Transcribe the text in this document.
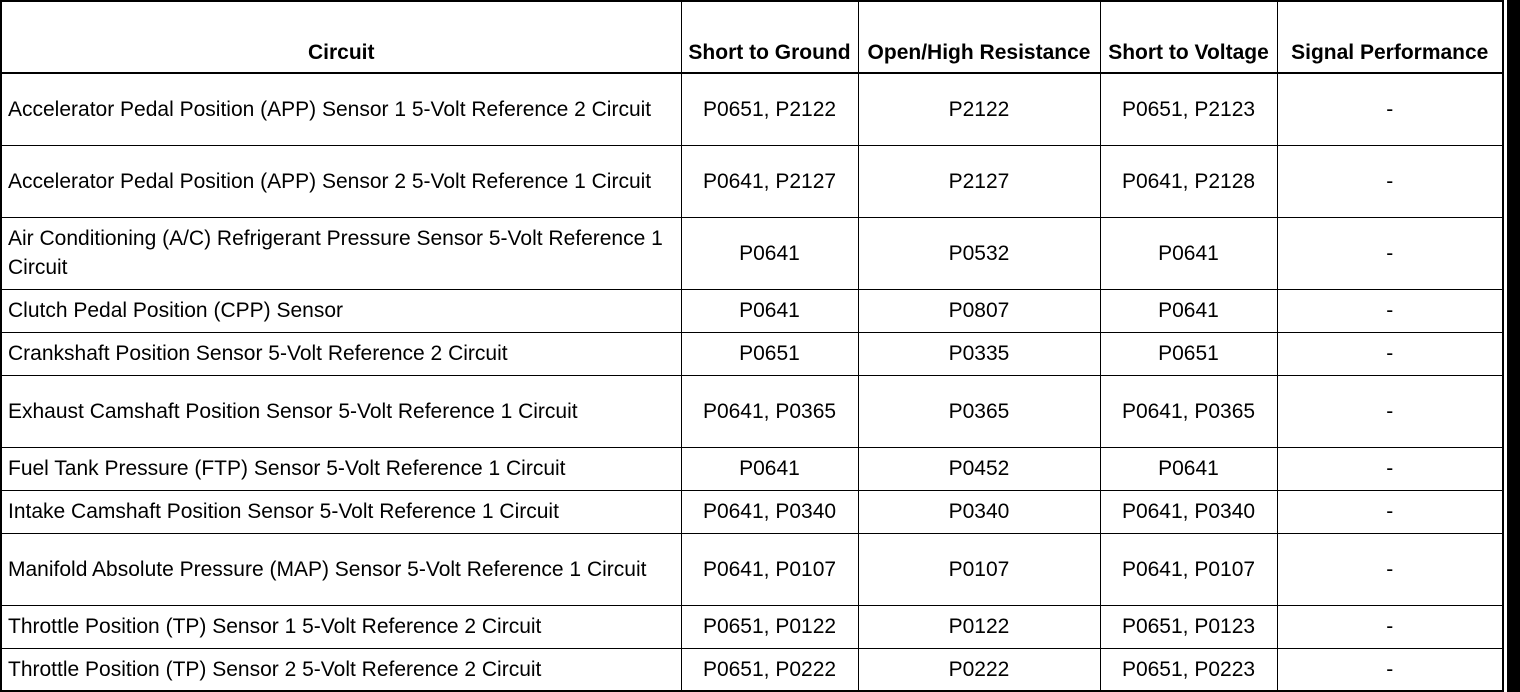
Circuit	Short to Ground	Open/High Resistance	Short to Voltage	Signal Performance
Accelerator Pedal Position (APP) Sensor 1 5-Volt Reference 2 Circuit	P0651, P2122	P2122	P0651, P2123	-
Accelerator Pedal Position (APP) Sensor 2 5-Volt Reference 1 Circuit	P0641, P2127	P2127	P0641, P2128	-
Air Conditioning (A/C) Refrigerant Pressure Sensor 5-Volt Reference 1 Circuit	P0641	P0532	P0641	-
Clutch Pedal Position (CPP) Sensor	P0641	P0807	P0641	-
Crankshaft Position Sensor 5-Volt Reference 2 Circuit	P0651	P0335	P0651	-
Exhaust Camshaft Position Sensor 5-Volt Reference 1 Circuit	P0641, P0365	P0365	P0641, P0365	-
Fuel Tank Pressure (FTP) Sensor 5-Volt Reference 1 Circuit	P0641	P0452	P0641	-
Intake Camshaft Position Sensor 5-Volt Reference 1 Circuit	P0641, P0340	P0340	P0641, P0340	-
Manifold Absolute Pressure (MAP) Sensor 5-Volt Reference 1 Circuit	P0641, P0107	P0107	P0641, P0107	-
Throttle Position (TP) Sensor 1 5-Volt Reference 2 Circuit	P0651, P0122	P0122	P0651, P0123	-
Throttle Position (TP) Sensor 2 5-Volt Reference 2 Circuit	P0651, P0222	P0222	P0651, P0223	-
